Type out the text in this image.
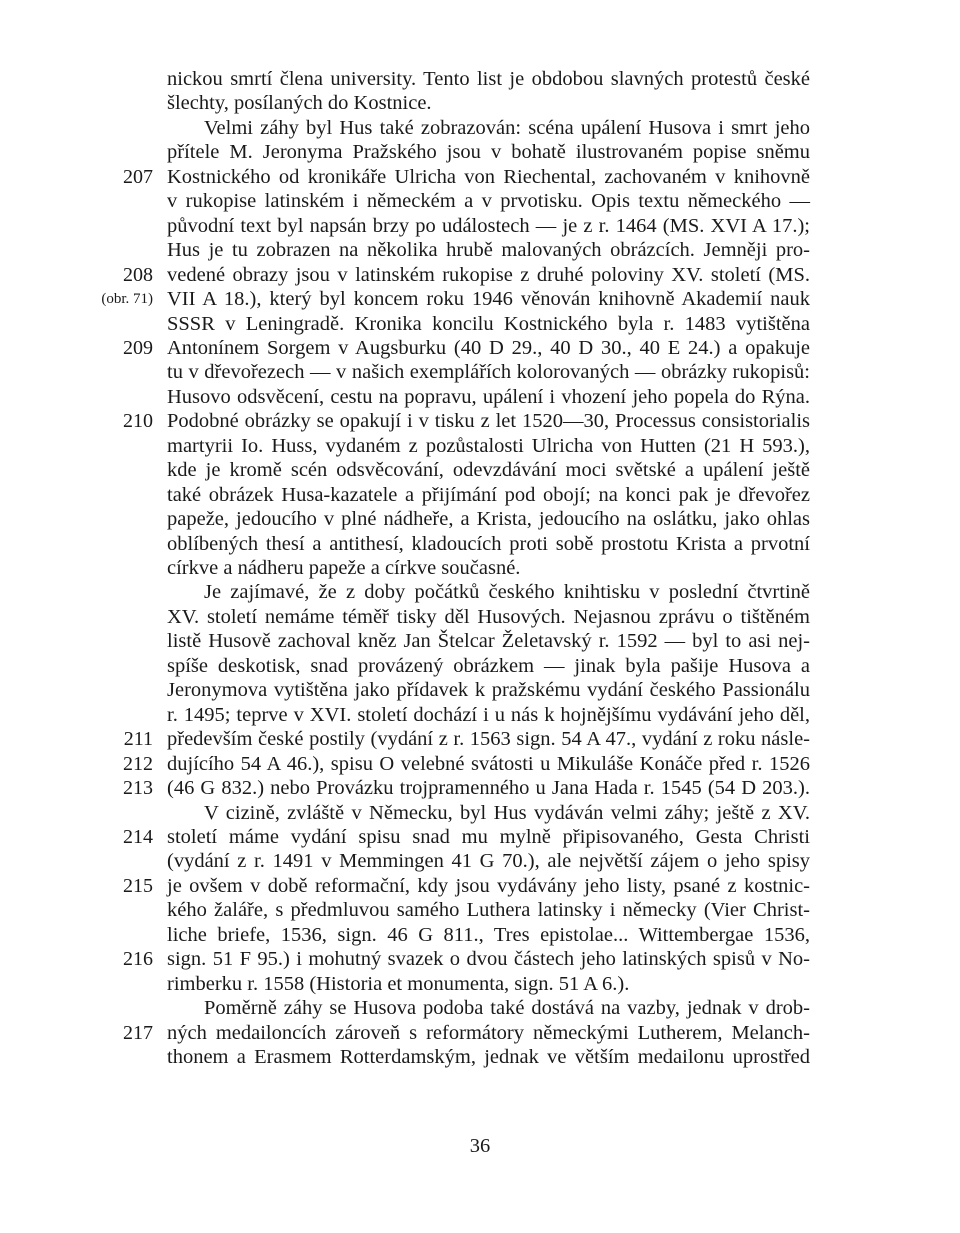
nickou smrtí člena university. Tento list je obdobou slavných protestů české
šlechty, posílaných do Kostnice.
Velmi záhy byl Hus také zobrazován: scéna upálení Husova i smrt jeho
přítele M. Jeronyma Pražského jsou v bohatě ilustrovaném popise sněmu
Kostnického od kronikáře Ulricha von Riechental, zachovaném v knihovně
v rukopise latinském i německém a v prvotisku. Opis textu německého —
původní text byl napsán brzy po událostech — je z r. 1464 (MS. XVI A 17.);
Hus je tu zobrazen na několika hrubě malovaných obrázcích. Jemněji pro-
vedené obrazy jsou v latinském rukopise z druhé poloviny XV. století (MS.
VII A 18.), který byl koncem roku 1946 věnován knihovně Akademií nauk
SSSR v Leningradě. Kronika koncilu Kostnického byla r. 1483 vytištěna
Antonínem Sorgem v Augsburku (40 D 29., 40 D 30., 40 E 24.) a opakuje
tu v dřevořezech — v našich exemplářích kolorovaných — obrázky rukopisů:
Husovo odsvěcení, cestu na popravu, upálení i vhození jeho popela do Rýna.
Podobné obrázky se opakují i v tisku z let 1520—30, Processus consistorialis
martyrii Io. Huss, vydaném z pozůstalosti Ulricha von Hutten (21 H 593.),
kde je kromě scén odsvěcování, odevzdávání moci světské a upálení ještě
také obrázek Husa-kazatele a přijímání pod obojí; na konci pak je dřevořez
papeže, jedoucího v plné nádheře, a Krista, jedoucího na oslátku, jako ohlas
oblíbených thesí a antithesí, kladoucích proti sobě prostotu Krista a prvotní
církve a nádheru papeže a církve současné.
Je zajímavé, že z doby počátků českého knihtisku v poslední čtvrtině
XV. století nemáme téměř tisky děl Husových. Nejasnou zprávu o tištěném
listě Husově zachoval kněz Jan Štelcar Želetavský r. 1592 — byl to asi nej-
spíše deskotisk, snad provázený obrázkem — jinak byla pašije Husova a
Jeronymova vytištěna jako přídavek k pražskému vydání českého Passionálu
r. 1495; teprve v XVI. století dochází i u nás k hojnějšímu vydávání jeho děl,
především české postily (vydání z r. 1563 sign. 54 A 47., vydání z roku násle-
dujícího 54 A 46.), spisu O velebné svátosti u Mikuláše Konáče před r. 1526
(46 G 832.) nebo Provázku trojpramenného u Jana Hada r. 1545 (54 D 203.).
V cizině, zvláště v Německu, byl Hus vydáván velmi záhy; ještě z XV.
století máme vydání spisu snad mu mylně připisovaného, Gesta Christi
(vydání z r. 1491 v Memmingen 41 G 70.), ale největší zájem o jeho spisy
je ovšem v době reformační, kdy jsou vydávány jeho listy, psané z kostnic-
kého žaláře, s předmluvou samého Luthera latinsky i německy (Vier Christ-
liche briefe, 1536, sign. 46 G 811., Tres epistolae... Wittembergae 1536,
sign. 51 F 95.) i mohutný svazek o dvou částech jeho latinských spisů v No-
rimberku r. 1558 (Historia et monumenta, sign. 51 A 6.).
Poměrně záhy se Husova podoba také dostává na vazby, jednak v drob-
ných medailoncích zároveň s reformátory německými Lutherem, Melanch-
thonem a Erasmem Rotterdamským, jednak ve větším medailonu uprostřed
207
208
(obr. 71)
209
210
211
212
213
214
215
216
217
36
